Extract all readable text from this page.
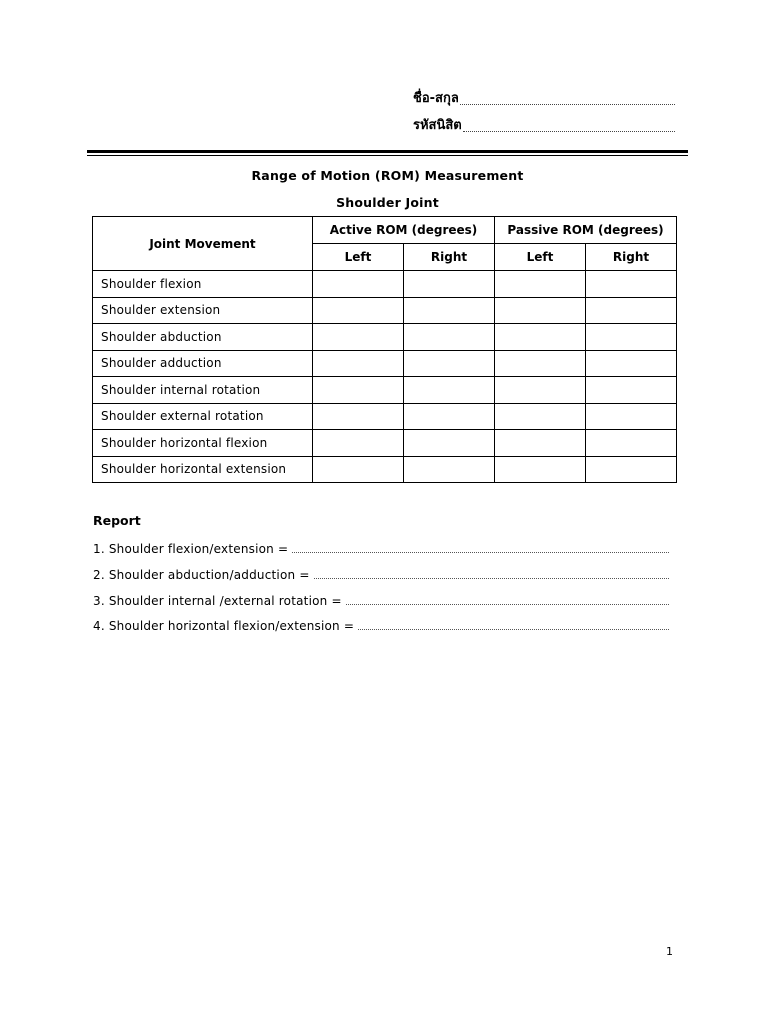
ชื่อ-สกุล
รหัสนิสิต
Range of Motion (ROM) Measurement
Shoulder Joint
Joint Movement	Active ROM (degrees)		Passive ROM (degrees)	
	Left	Right	Left	Right
Shoulder flexion				
Shoulder extension				
Shoulder abduction				
Shoulder adduction				
Shoulder internal rotation				
Shoulder external rotation				
Shoulder horizontal flexion				
Shoulder horizontal extension				
Report
1. Shoulder flexion/extension =
2. Shoulder abduction/adduction =
3. Shoulder internal /external rotation =
4. Shoulder horizontal flexion/extension =
1
